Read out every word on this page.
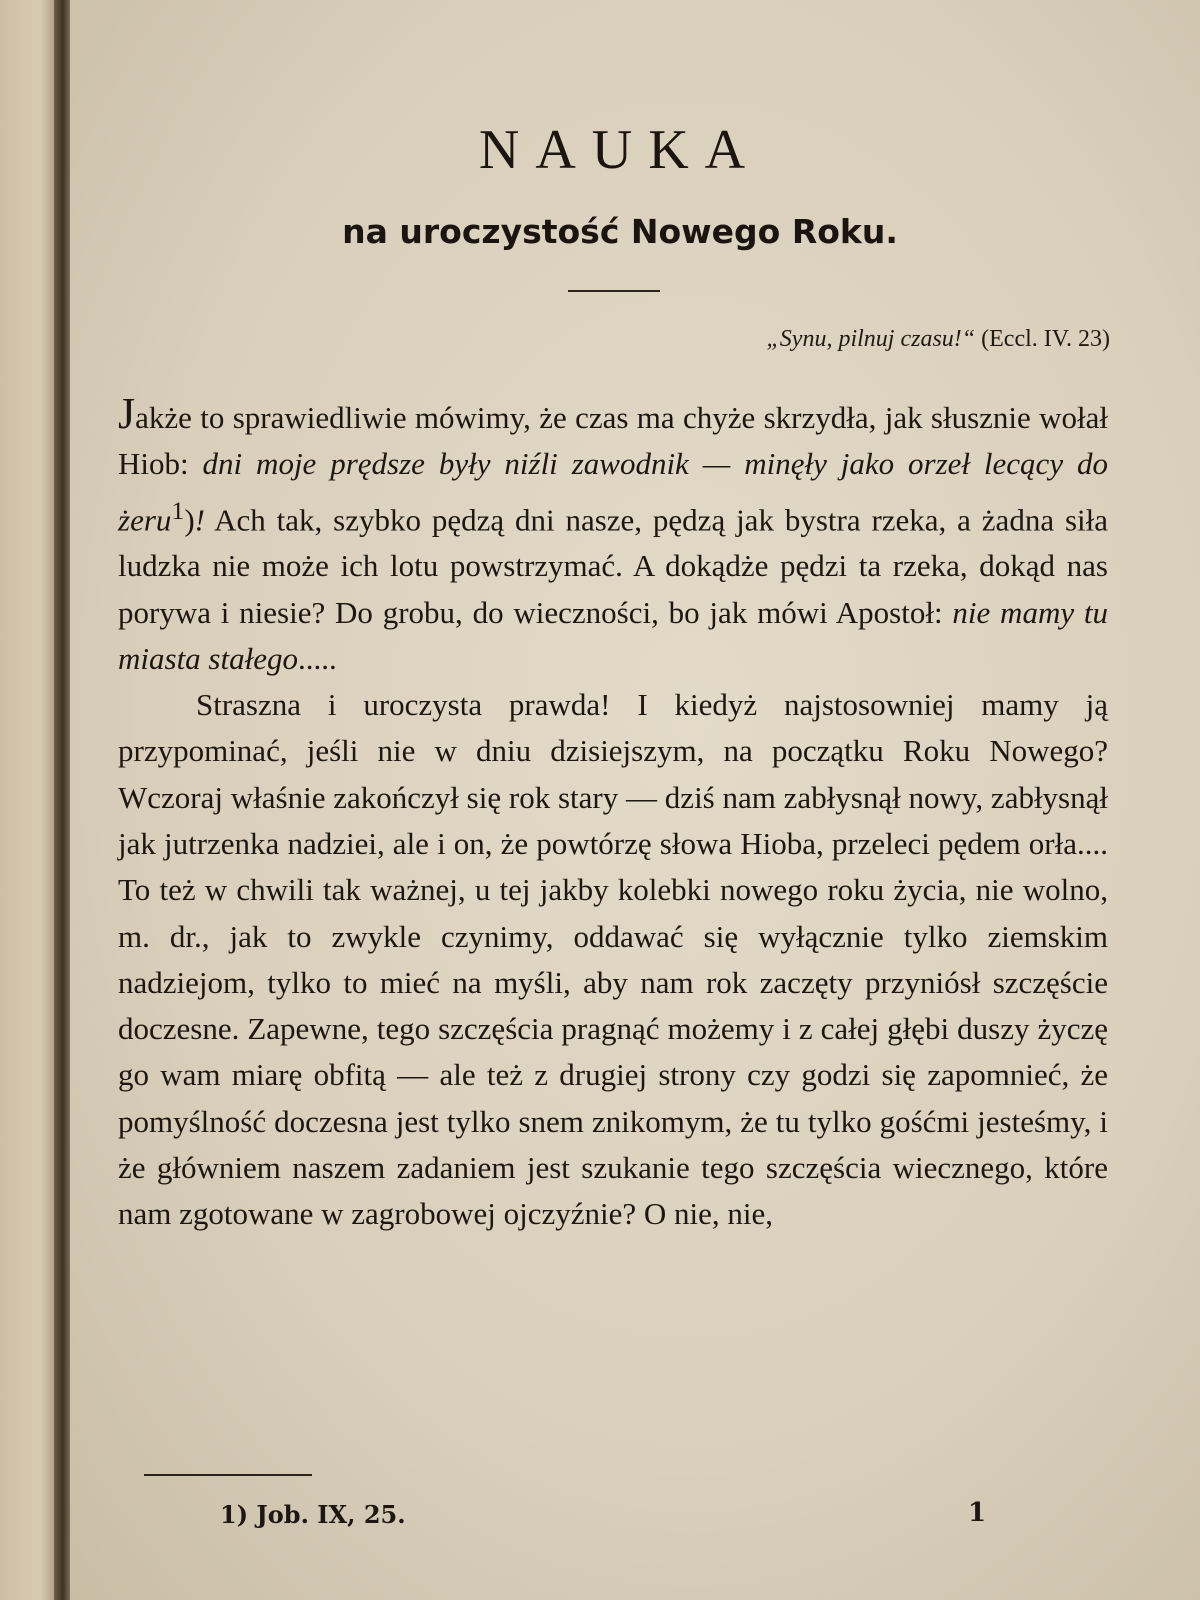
NAUKA
na uroczystość Nowego Roku.
„Synu, pilnuj czasu!“ (Eccl. IV. 23)

Jakże to sprawiedliwie mówimy, że czas ma chyże skrzydła, jak słusznie wołał Hiob: dni moje prędsze były niźli zawodnik — minęły jako orzeł lecący do żeru$^1$)! Ach tak, szybko pędzą dni nasze, pędzą jak bystra rzeka, a żadna siła ludzka nie może ich lotu powstrzymać. A dokądże pędzi ta rzeka, dokąd nas porywa i niesie? Do grobu, do wieczności, bo jak mówi Apostoł: nie mamy tu miasta stałego.....

Straszna i uroczysta prawda! I kiedyż najstosowniej mamy ją przypominać, jeśli nie w dniu dzisiejszym, na początku Roku Nowego? Wczoraj właśnie zakończył się rok stary — dziś nam zabłysnął nowy, zabłysnął jak jutrzenka nadziei, ale i on, że powtórzę słowa Hioba, przeleci pędem orła.... To też w chwili tak ważnej, u tej jakby kolebki nowego roku życia, nie wolno, m. dr., jak to zwykle czynimy, oddawać się wyłącznie tylko ziemskim nadziejom, tylko to mieć na myśli, aby nam rok zaczęty przyniósł szczęście doczesne. Zapewne, tego szczęścia pragnąć możemy i z całej głębi duszy życzę go wam miarę obfitą — ale też z drugiej strony czy godzi się zapomnieć, że pomyślność doczesna jest tylko snem znikomym, że tu tylko gośćmi jesteśmy, i że główniem naszem zadaniem jest szukanie tego szczęścia wiecznego, które nam zgotowane w zagrobowej ojczyźnie? O nie, nie,

1) Job. IX, 25.	1
